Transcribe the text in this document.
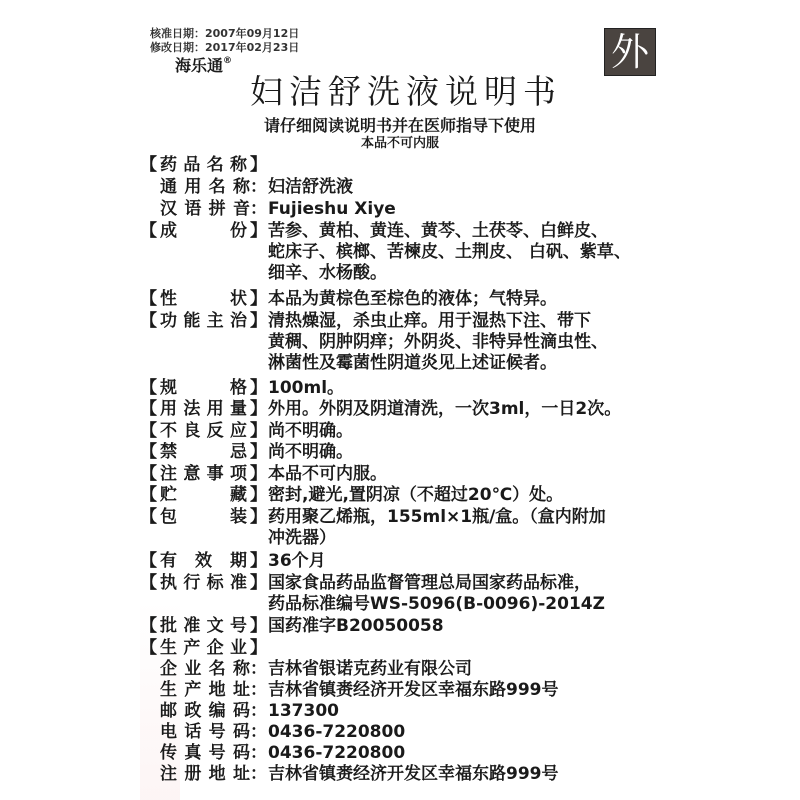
核准日期：2007年09月12日
修改日期：2017年02月23日
海乐通®	外
妇洁舒洗液说明书
请仔细阅读说明书并在医师指导下使用
本品不可内服
【 药品名称 】
通用名称 ： 妇洁舒洗液
汉语拼音 ： Fujieshu Xiye
【 成份 】 苦参、黄柏、黄连、黄芩、土茯苓、白鲜皮、
蛇床子、槟榔、苦楝皮、土荆皮、 白矾、紫草、
细辛、水杨酸。
【 性状 】 本品为黄棕色至棕色的液体；气特异。
【 功能主治 】 清热燥湿，杀虫止痒。用于湿热下注、带下
黄稠、阴肿阴痒；外阴炎、非特异性滴虫性、
淋菌性及霉菌性阴道炎见上述证候者。
【 规格 】 100ml。
【 用法用量 】 外用。外阴及阴道清洗，一次3ml，一日2次。
【 不良反应 】 尚不明确。
【 禁忌 】 尚不明确。
【 注意事项 】 本品不可内服。
【 贮藏 】 密封,避光,置阴凉（不超过20℃）处。
【 包装 】 药用聚乙烯瓶，155ml×1瓶/盒。（盒内附加
冲洗器）
【 有效期 】 36个月
【 执行标准 】 国家食品药品监督管理总局国家药品标准，
药品标准编号WS-5096(B-0096)-2014Z
【 批准文号 】 国药准字B20050058
【 生产企业 】
企业名称 ： 吉林省银诺克药业有限公司
生产地址 ： 吉林省镇赉经济开发区幸福东路999号
邮政编码 ： 137300
电话号码 ： 0436-7220800
传真号码 ： 0436-7220800
注册地址 ： 吉林省镇赉经济开发区幸福东路999号
